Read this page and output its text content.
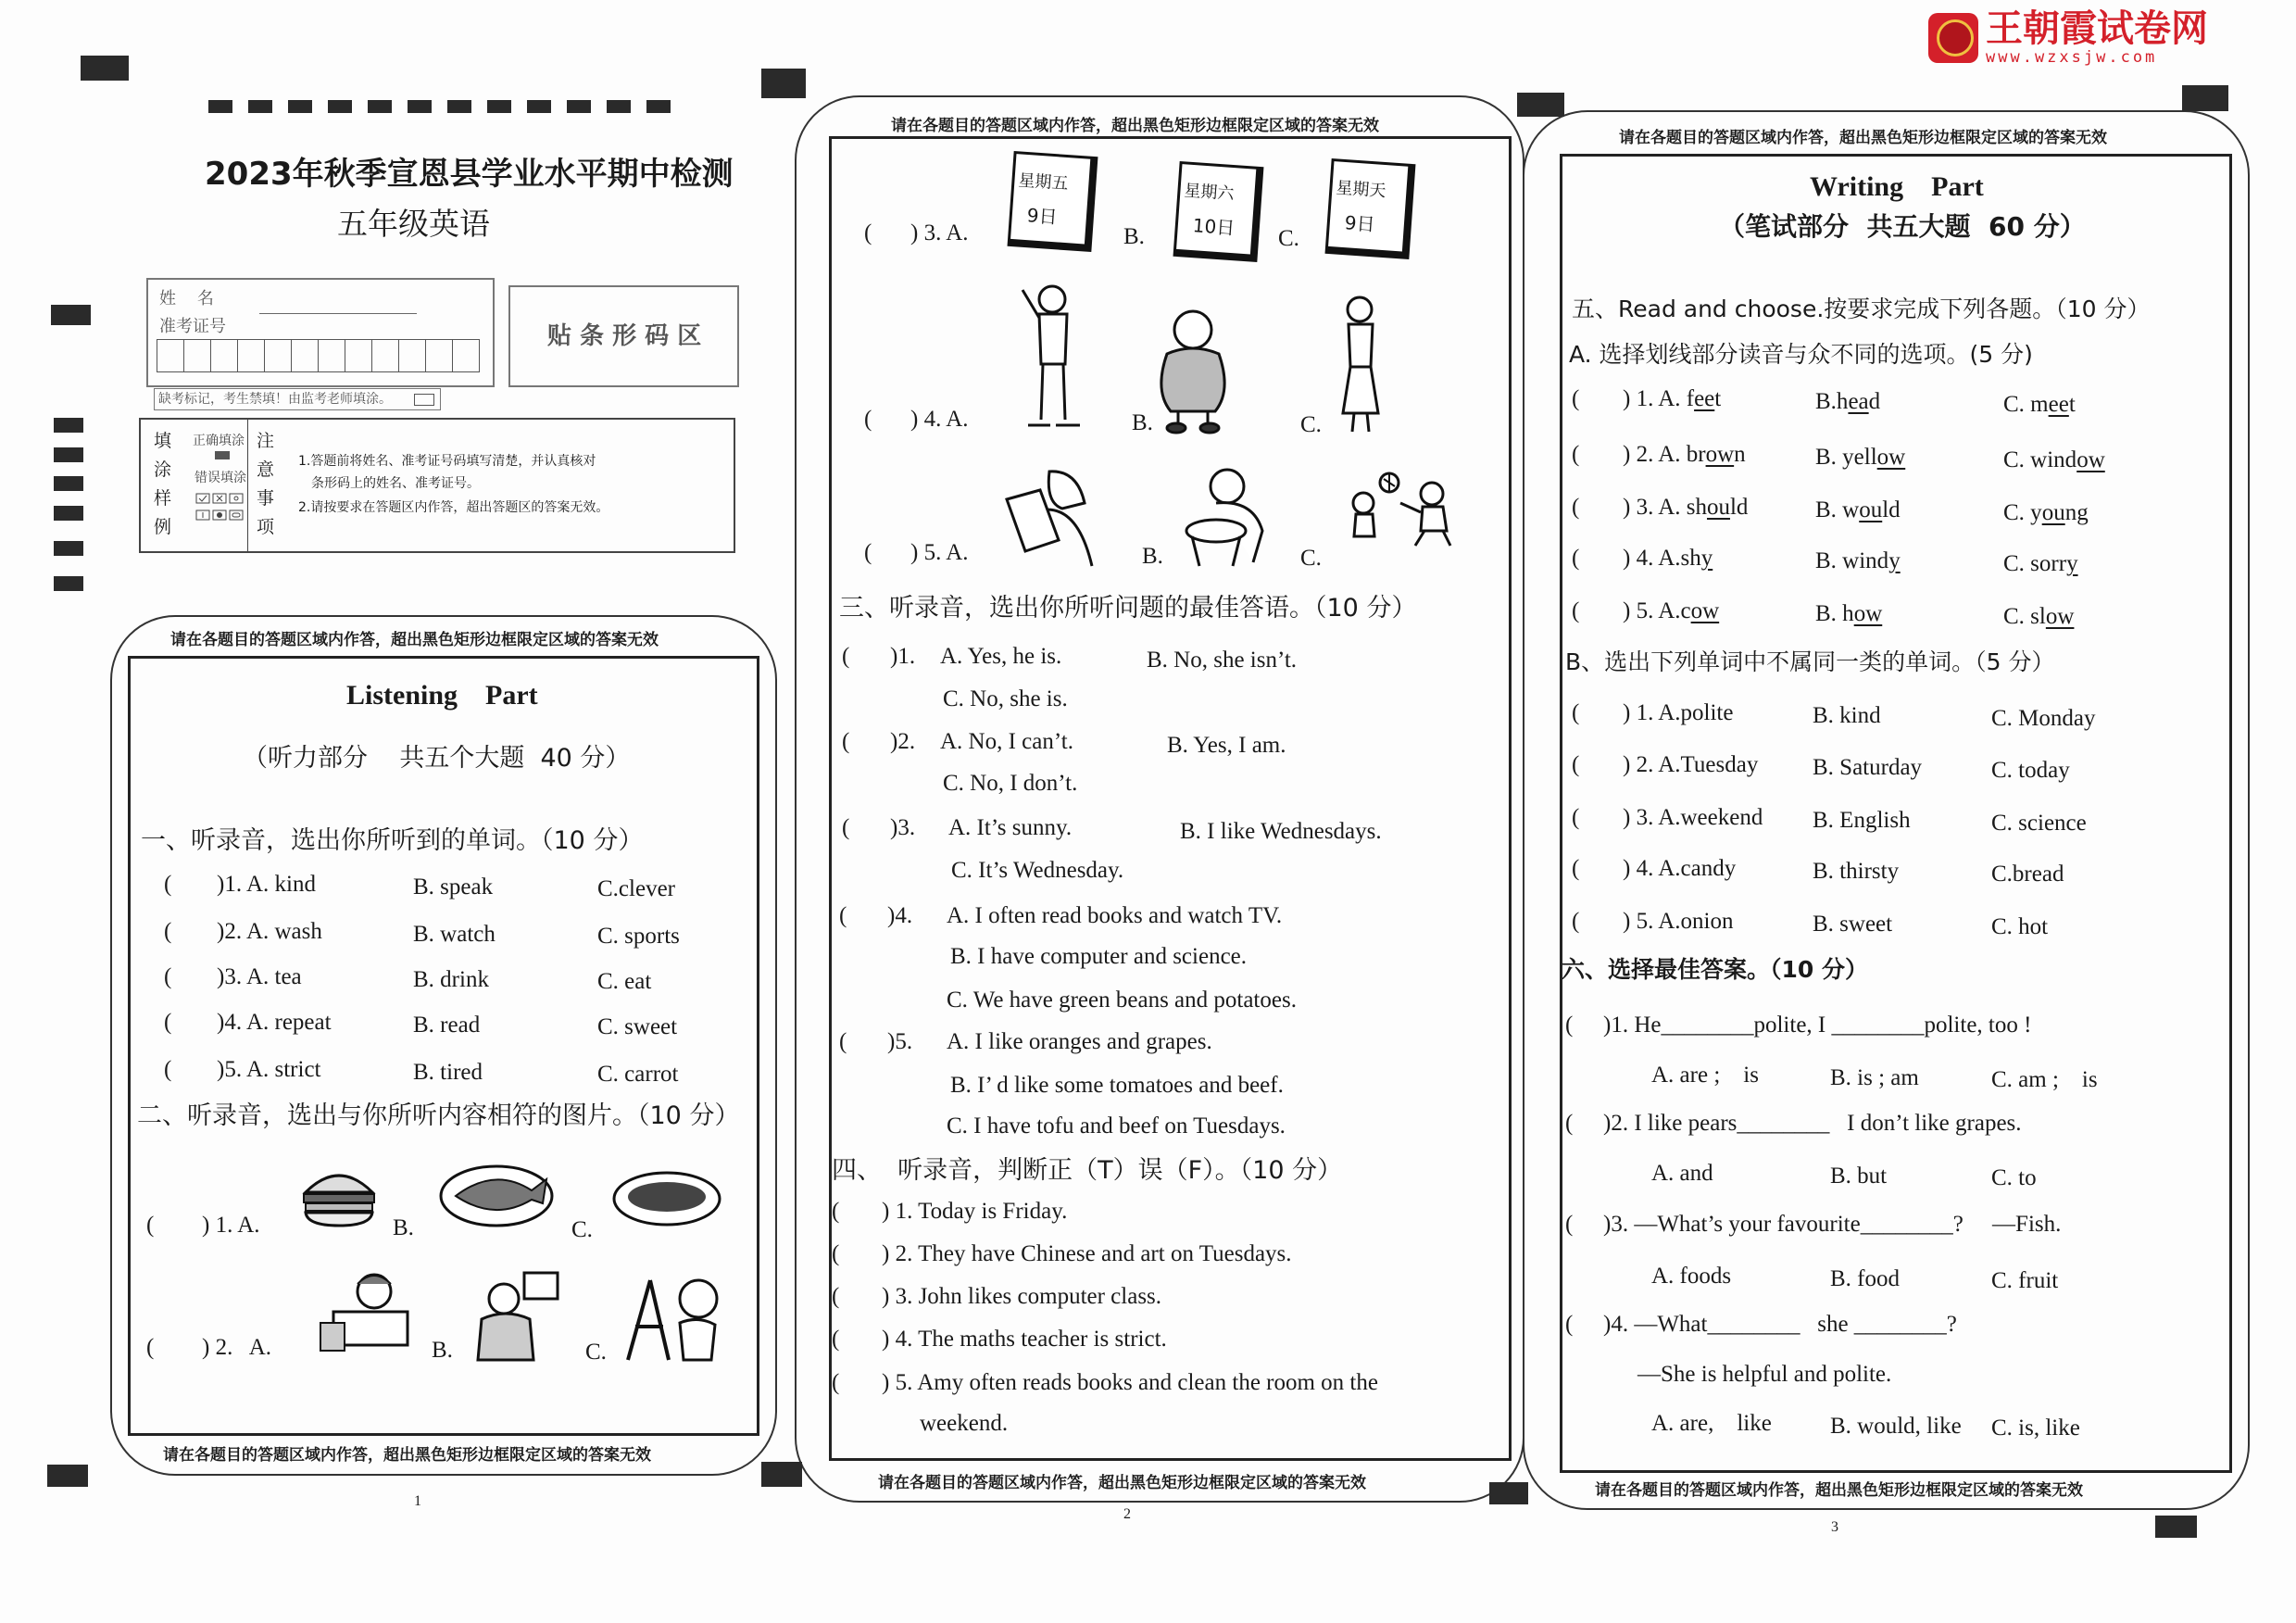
王朝霞试卷网
www.wzxsjw.com
2023年秋季宣恩县学业水平期中检测
五年级英语
姓    名
准考证号	贴 条 形 码 区
缺考标记，考生禁填！由监考老师填涂。
填涂样例
正确填涂
错误填涂
注意事项
1.答题前将姓名、准考证号码填写清楚，并认真核对
条形码上的姓名、准考证号。
2.请按要求在答题区内作答，超出答题区的答案无效。
请在各题目的答题区域内作答，超出黑色矩形边框限定区域的答案无效
请在各题目的答题区域内作答，超出黑色矩形边框限定区域的答案无效
请在各题目的答题区域内作答，超出黑色矩形边框限定区域的答案无效
请在各题目的答题区域内作答，超出黑色矩形边框限定区域的答案无效
请在各题目的答题区域内作答，超出黑色矩形边框限定区域的答案无效
请在各题目的答题区域内作答，超出黑色矩形边框限定区域的答案无效
1
2
3
Listening    Part
（听力部分    共五个大题  40 分）
Writing    Part
（笔试部分  共五大题  60 分）
星期五
9日
星期六
10日
星期天
9日
一、听录音，选出你所听到的单词。（10 分）
( )1. A. kind	B. speak	C.clever
( )2. A. wash	B. watch	C. sports
( )3. A. tea	B. drink	C. eat
( )4. A. repeat	B. read	C. sweet
( )5. A. strict	B. tired	C. carrot
二、听录音，选出与你所听内容相符的图片。（10 分）
( ) 1. A.	B.	C.
( ) 2.   A.	B.	C.
( ) 3. A.	B.	C.
( ) 4. A.	B.	C.
( ) 5. A.	B.	C.
三、听录音，选出你所听问题的最佳答语。（10 分）
( )1. A. Yes, he is.	B. No, she isn’t.
C. No, she is.
( )2. A. No, I can’t.	B. Yes, I am.
C. No, I don’t.
( )3. A. It’s sunny.	B. I like Wednesdays.
C. It’s Wednesday.
( )4. A. I often read books and watch TV.
B. I have computer and science.
C. We have green beans and potatoes.
( )5. A. I like oranges and grapes.
B. I’ d like some tomatoes and beef.
C. I have tofu and beef on Tuesdays.
四、  听录音，判断正（T）误（F）。（10 分）
( ) 1. Today is Friday.
( ) 2. They have Chinese and art on Tuesdays.
( ) 3. John likes computer class.
( ) 4. The maths teacher is strict.
( ) 5. Amy often reads books and clean the room on the
weekend.
五、Read and choose.按要求完成下列各题。（10 分）
A. 选择划线部分读音与众不同的选项。(5 分)
( ) 1. A. feet	B.head	C. meet
( ) 2. A. brown	B. yellow	C. window
( ) 3. A. should	B. would	C. young
( ) 4. A.shy	B. windy	C. sorry
( ) 5. A.cow	B. how	C. slow
B、选出下列单词中不属同一类的单词。（5 分）
( ) 1. A.polite	B. kind	C. Monday
( ) 2. A.Tuesday B. Saturday	C. today
( ) 3. A.weekend B. English	C. science
( ) 4. A.candy	B. thirsty	C.bread
( ) 5. A.onion	B. sweet	C. hot
六、选择最佳答案。（10 分）
( )1. He________polite, I ________polite, too !
A. are ;    is	B. is ; am	C. am ;    is
( )2. I like pears________   I don’t like grapes.
A. and	B. but	C. to
( )3. —What’s your favourite________?     —Fish.
A. foods	B. food	C. fruit
( )4. —What________   she ________?
A. are,    like	B. would, like C. is, like
—She is helpful and polite.
